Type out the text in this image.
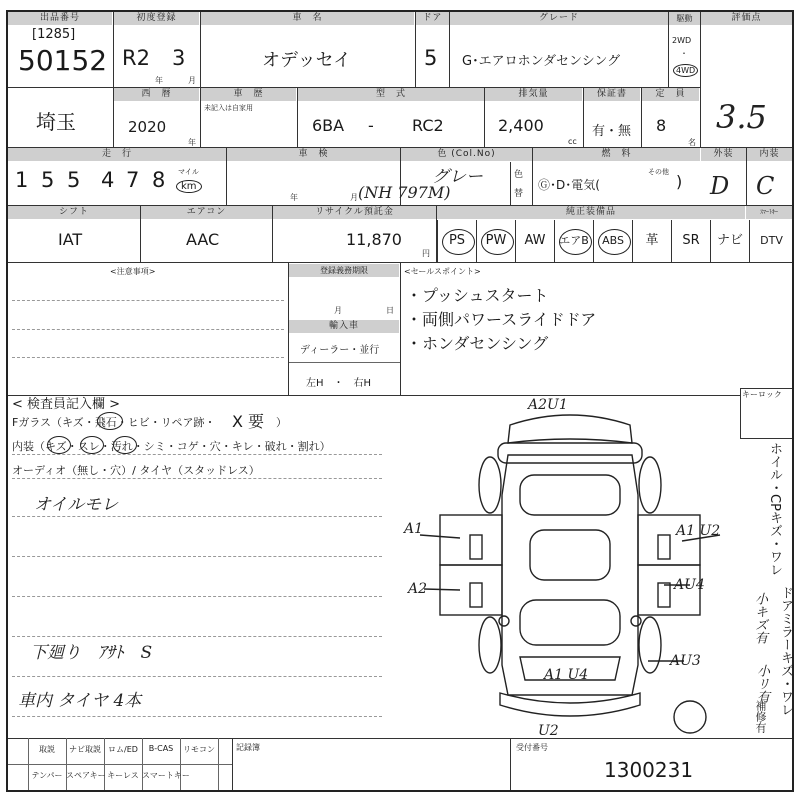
出品番号
[1285]
50152
初度登録
R2 3
年	月
車　名
オデッセイ
ドア
5
グレード
G･エアロホンダセンシング
駆動
2WD
･
4WD
評価点
3.5
埼玉
西　暦
2020
年
車　歴
未記入は自家用
型　式
6BA - RC2
排気量
2,400
cc
保証書
有・無
定　員
8
名
走　行
1 5 5 4 7 8 マイル
km
車　検
年	月
色 (Col.No)
グレー
(NH 797M)
色
替
燃　料
Ⓖ･D･電気(
その他 )
外装
D
内装
C
シフト
IAT
エアコン
AAC
リサイクル預託金
11,870
円
純正装備品	ｽﾏｰﾄｷｰ
PS	PW	AW	エアB	ABS	革	SR	ナビ	DTV
<注意事項>	登録義務期限
月	日
輸入車
ディーラー・並行
左H　・　右H
<セールスポイント>
・プッシュスタート
・両側パワースライドドア
・ホンダセンシング
< 検査員記入欄 >
Fガラス（キズ・飛石・ヒビ・リペア跡・ X 要 ）
内装（キズ・スレ・汚れ・シミ・コゲ・穴・キレ・破れ・割れ）
オーディオ（無し・穴）/ タイヤ（スタッドレス）
オイルモレ
下廻り　ｱｻﾄ　S
車内 タイヤ 4本
キーロック
ホイル・CPキズ・ワレ
ドアミラーキズ・ワレ
小キズ有
小リ有
補修有
A2U1
A1
A2
A1 U2
AU4
AU3
A1 U4
U2
取説	ナビ取説 ロム/ED	B-CAS	リモコン
テンパー スペアキー キーレス スマートキー
記録簿	受付番号
1300231
